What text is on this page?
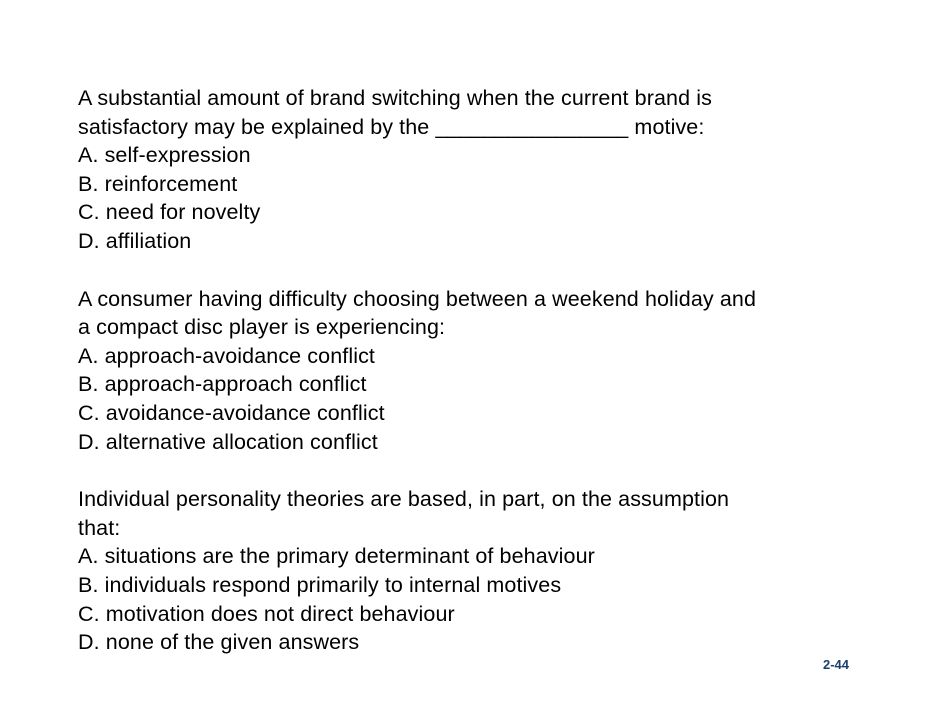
A substantial amount of brand switching when the current brand is
satisfactory may be explained by the ________________ motive:
A. self-expression
B. reinforcement
C. need for novelty
D. affiliation
A consumer having difficulty choosing between a weekend holiday and
a compact disc player is experiencing:
A. approach-avoidance conflict
B. approach-approach conflict
C. avoidance-avoidance conflict
D. alternative allocation conflict
Individual personality theories are based, in part, on the assumption
that:
A. situations are the primary determinant of behaviour
B. individuals respond primarily to internal motives
C. motivation does not direct behaviour
D. none of the given answers
2-44
